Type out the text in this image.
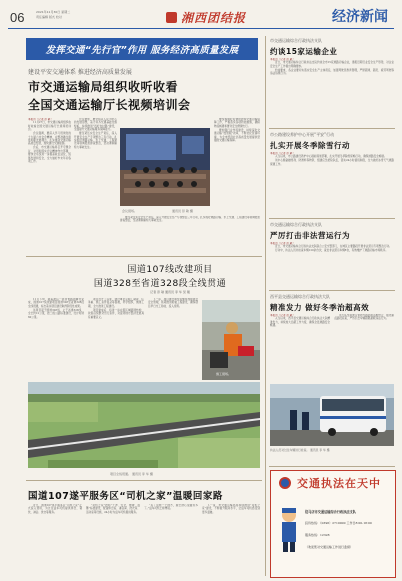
06	2021年11月30日 星期二
责任编辑 版式 校对	湘西团结报	经济新闻
发挥交通“先行官”作用 服务经济高质量发展
建设平安交通体系 推进经济高质量发展
市交通运输局组织收听收看
全国交通运输厅长视频培训会
本报讯（记者 彭 敏）

11月27日，市交通运输局组织收听收看全国交通运输厅长视频培训会。

会议强调，要深入学习贯彻党的十九届六中全会精神，完整准确全面贯彻新发展理念，扎实推动交通运输高质量发展，加快建设交通强国。

会后，市交通运输局召开专题会议，对贯彻落实会议精神作出部署，要求全系统进一步提高政治站位，统筹发展和安全，全力做好岁末年初各项工作。

会议要求，要坚持以人民为中心的发展思想，着力补齐交通基础设施短板，持续推进“四好农村路”建设，全面提升交通运输服务保障能力。

要压紧压实安全生产责任，深入开展安全生产专项整治三年行动，扎实抓好道路运输、水上交通、工程建设等领域隐患排查整治，坚决遏制重特大事故发生。

会议现场。	通讯员 彭 敏 摄

要统筹做好疫情防控和交通运输保障工作，严格落实各项防控措施，确保物流畅通和群众安全便捷出行。

要加强行业作风建设，持续深化交通运输“放管服”改革，不断优化营商环境，为全市经济社会高质量发展提供坚强的交通运输保障。

要压紧压实安全生产责任，深入开展安全生产专项整治三年行动，扎实抓好道路运输、水上交通、工程建设等领域隐患排查整治，坚决遏制重特大事故发生。

国道107线改建项目
国道328至省道328段全线贯通
记者 彭 敏 通讯员 李 华 吴 刚

11月下旬，随着最后一段沥青路面铺设完成，国道107线改建项目国道328至省道328段全线贯通，标志着该项目建设取得阶段性成果。

该项目起于国道328线，止于省道328线，全长约12公里，按二级公路标准建设，设计时速60公里。

项目自开工以来，建设单位克服工期紧、任务重、施工条件复杂等困难，科学组织、倒排工期，全力推进工程建设。

项目建成后，将进一步完善区域路网结构，改善沿线群众出行条件，对促进地方经济发展具有重要意义。

下一步，项目建设单位将继续加强质量安全管理，抓紧推进附属工程建设，确保项目早日交工验收、投入使用。

施工现场。
项目全线贯通。 通讯员 李 华 摄
国道107遂平服务区“司机之家”温暖回家路

近日，国道107遂平服务区“司机之家”正式投入使用，为过往货车司机提供休息、餐饮、淋浴、洗衣等服务。

“司机之家”按照“干净、安全、便捷、温馨”标准建设，配备休息室、淋浴间、洗衣房、活动室等设施，24小时为货车司机提供服务。

“有了这样一个地方，跑长途心里踏实多了。”货车司机王师傅说。

下一步，市交通运输局将持续推进“司机之家”建设，不断提升服务水平，让货车司机感受到更多温暖。

市交通运输综合行政执法支队
约谈15家运输企业
本报讯（记者 彭 敏）

近日，市交通运输综合行政执法支队约谈全市15家道路运输企业，通报近期行业安全生产形势，对企业安全生产工作提出明确要求。

约谈要求，各企业要切实落实安全生产主体责任，加强驾驶员教育管理，严禁超速、超员、疲劳驾驶等违法违规行为。

市公路建设养护中心开展“平安”行动
扎实开展冬季除雪行动
本报讯（记者 彭 敏）

入冬以来，市公路建设养护中心提前谋划部署，扎实开展冬季除雪保畅行动，确保道路安全畅通。

该中心储备融雪剂、防滑料等物资，组建应急抢险队伍，落实24小时值班制度，全力做好冰雪天气道路保通工作。

市交通运输综合行政执法支队
严厉打击非法营运行为
本报讯（记者 彭 敏）

近日，市交通运输综合行政执法支队联合公安交警部门，在城区主要路段开展非法营运专项整治行动。

行动中，执法人员共检查车辆120余台次，查处非法营运车辆8台，有效维护了道路运输市场秩序。

西平县交通运输综合行政执法大队
精准发力 做好冬季治超高效
本报讯（记者 彭 敏）

入冬以来，西平县交通运输综合行政执法大队精准发力，持续加大治超工作力度，确保全县道路安全畅通。

该大队坚持源头管控与路面执法相结合，强化重点路段巡查，严厉打击车辆超限超载违法行为。

执法人员对过往车辆进行检查。 通讯员 李 华 摄
交通执法在天中
驻马店市交通运输综合行政执法支队
投诉热线：（0396）2710000 工作日8:00-18:00
服务热线：12328
（欢迎您对交通运输工作进行监督）
